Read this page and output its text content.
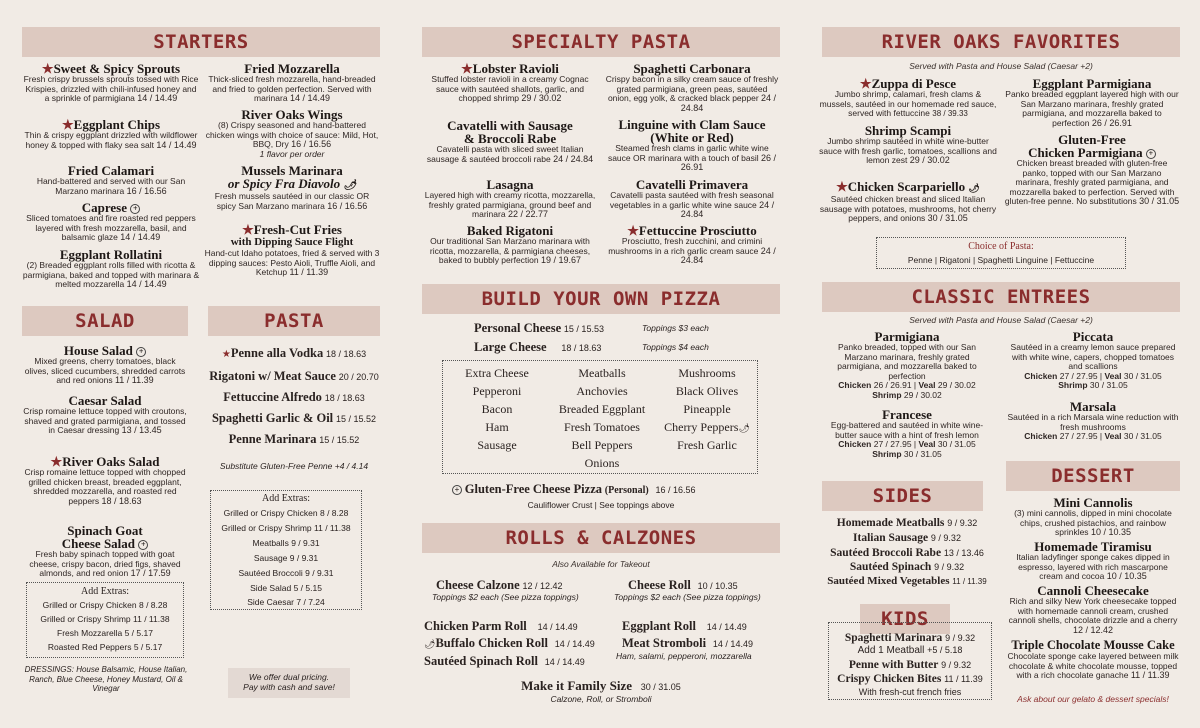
STARTERS	SPECIALTY PASTA	RIVER OAKS FAVORITES
SALAD	PASTA
BUILD YOUR OWN PIZZA	CLASSIC ENTREES
ROLLS & CALZONES
SIDES
DESSERT
KIDS
★Sweet & Spicy Sprouts
Fresh crispy brussels sprouts tossed with Rice Krispies, drizzled with chili-infused honey and a sprinkle of parmigiana 14 / 14.49
★Eggplant Chips
Thin & crispy eggplant drizzled with wildflower honey & topped with flaky sea salt 14 / 14.49
Fried Calamari
Hand-battered and served with our San Marzano marinara 16 / 16.56
Caprese +
Sliced tomatoes and fire roasted red peppers layered with fresh mozzarella, basil, and balsamic glaze 14 / 14.49
Eggplant Rollatini
(2) Breaded eggplant rolls filled with ricotta & parmigiana, baked and topped with marinara & melted mozzarella 14 / 14.49
Fried Mozzarella
Thick-sliced fresh mozzarella, hand-breaded and fried to golden perfection. Served with marinara 14 / 14.49
River Oaks Wings
(8) Crispy seasoned and hand-battered chicken wings with choice of sauce: Mild, Hot, BBQ, Dry 16 / 16.56
1 flavor per order
Mussels Marinara
or Spicy Fra Diavolo 🌶
Fresh mussels sautéed in our classic OR spicy San Marzano marinara 16 / 16.56
★Fresh-Cut Fries
with Dipping Sauce Flight
Hand-cut Idaho potatoes, fried & served with 3 dipping sauces: Pesto Aioli, Truffle Aioli, and Ketchup 11 / 11.39
House Salad +
Mixed greens, cherry tomatoes, black olives, sliced cucumbers, shredded carrots and red onions 11 / 11.39
Caesar Salad
Crisp romaine lettuce topped with croutons, shaved and grated parmigiana, and tossed in Caesar dressing 13 / 13.45
★River Oaks Salad
Crisp romaine lettuce topped with chopped grilled chicken breast, breaded eggplant, shredded mozzarella, and roasted red peppers 18 / 18.63
Spinach Goat
Cheese Salad +
Fresh baby spinach topped with goat cheese, crispy bacon, dried figs, shaved almonds, and red onion 17 / 17.59
Add Extras:
Grilled or Crispy Chicken 8 / 8.28
Grilled or Crispy Shrimp 11 / 11.38
Fresh Mozzarella 5 / 5.17
Roasted Red Peppers 5 / 5.17
DRESSINGS: House Balsamic, House Italian, Ranch, Blue Cheese, Honey Mustard, Oil & Vinegar
★Penne alla Vodka 18 / 18.63
Rigatoni w/ Meat Sauce 20 / 20.70
Fettuccine Alfredo 18 / 18.63
Spaghetti Garlic & Oil 15 / 15.52
Penne Marinara 15 / 15.52
Substitute Gluten-Free Penne +4 / 4.14
Add Extras:
Grilled or Crispy Chicken 8 / 8.28
Grilled or Crispy Shrimp 11 / 11.38
Meatballs 9 / 9.31
Sausage 9 / 9.31
Sautéed Broccoli 9 / 9.31
Side Salad 5 / 5.15
Side Caesar 7 / 7.24
We offer dual pricing.
Pay with cash and save!
★Lobster Ravioli
Stuffed lobster ravioli in a creamy Cognac sauce with sautéed shallots, garlic, and chopped shrimp 29 / 30.02
Cavatelli with Sausage
& Broccoli Rabe
Cavatelli pasta with sliced sweet Italian sausage & sautéed broccoli rabe 24 / 24.84
Lasagna
Layered high with creamy ricotta, mozzarella, freshly grated parmigiana, ground beef and marinara 22 / 22.77
Baked Rigatoni
Our traditional San Marzano marinara with ricotta, mozzarella, & parmigiana cheeses, baked to bubbly perfection 19 / 19.67
Spaghetti Carbonara
Crispy bacon in a silky cream sauce of freshly grated parmigiana, green peas, sautéed onion, egg yolk, & cracked black pepper 24 / 24.84
Linguine with Clam Sauce
(White or Red)
Steamed fresh clams in garlic white wine sauce OR marinara with a touch of basil 26 / 26.91
Cavatelli Primavera
Cavatelli pasta sautéed with fresh seasonal vegetables in a garlic white wine sauce 24 / 24.84
★Fettuccine Prosciutto
Prosciutto, fresh zucchini, and crimini mushrooms in a rich garlic cream sauce 24 / 24.84
Personal Cheese 15 / 15.53	Toppings $3 each
Large Cheese 18 / 18.63	Toppings $4 each
Extra Cheese	Meatballs	Mushrooms
Pepperoni	Anchovies	Black Olives
Bacon	Breaded Eggplant	Pineapple
Ham	Fresh Tomatoes	Cherry Peppers🌶
Sausage	Bell Peppers	Fresh Garlic
Onions
+ Gluten-Free Cheese Pizza (Personal) 16 / 16.56
Cauliflower Crust | See toppings above
Also Available for Takeout
Cheese Calzone 12 / 12.42
Toppings $2 each (See pizza toppings)
Cheese Roll 10 / 10.35
Toppings $2 each (See pizza toppings)
Chicken Parm Roll 14 / 14.49
🌶Buffalo Chicken Roll 14 / 14.49
Sautéed Spinach Roll 14 / 14.49
Eggplant Roll 14 / 14.49
Meat Stromboli 14 / 14.49
Ham, salami, pepperoni, mozzarella
Make it Family Size 30 / 31.05
Calzone, Roll, or Stromboli
Served with Pasta and House Salad (Caesar +2)
★Zuppa di Pesce
Jumbo shrimp, calamari, fresh clams & mussels, sautéed in our homemade red sauce, served with fettuccine 38 / 39.33
Shrimp Scampi
Jumbo shrimp sautéed in white wine-butter sauce with fresh garlic, tomatoes, scallions and lemon zest 29 / 30.02
★Chicken Scarpariello 🌶
Sautéed chicken breast and sliced Italian sausage with potatoes, mushrooms, hot cherry peppers, and onions 30 / 31.05
Eggplant Parmigiana
Panko breaded eggplant layered high with our San Marzano marinara, freshly grated parmigiana, and mozzarella baked to perfection 26 / 26.91
Gluten-Free
Chicken Parmigiana +
Chicken breast breaded with gluten-free panko, topped with our San Marzano marinara, freshly grated parmigiana, and mozzarella baked to perfection. Served with gluten-free penne. No substitutions 30 / 31.05
Choice of Pasta:
Penne | Rigatoni | Spaghetti Linguine | Fettuccine
Served with Pasta and House Salad (Caesar +2)
Parmigiana
Panko breaded, topped with our San Marzano marinara, freshly grated parmigiana, and mozzarella baked to perfection
Chicken 26 / 26.91 | Veal 29 / 30.02
Shrimp 29 / 30.02
Francese
Egg-battered and sautéed in white wine-butter sauce with a hint of fresh lemon
Chicken 27 / 27.95 | Veal 30 / 31.05
Shrimp 30 / 31.05
Piccata
Sautéed in a creamy lemon sauce prepared with white wine, capers, chopped tomatoes and scallions
Chicken 27 / 27.95 | Veal 30 / 31.05
Shrimp 30 / 31.05
Marsala
Sautéed in a rich Marsala wine reduction with fresh mushrooms
Chicken 27 / 27.95 | Veal 30 / 31.05
Homemade Meatballs 9 / 9.32
Italian Sausage 9 / 9.32
Sautéed Broccoli Rabe 13 / 13.46
Sautéed Spinach 9 / 9.32
Sautéed Mixed Vegetables 11 / 11.39
Spaghetti Marinara 9 / 9.32
Add 1 Meatball +5 / 5.18
Penne with Butter 9 / 9.32
Crispy Chicken Bites 11 / 11.39
With fresh-cut french fries
Mini Cannolis
(3) mini cannolis, dipped in mini chocolate chips, crushed pistachios, and rainbow sprinkles 10 / 10.35
Homemade Tiramisu
Italian ladyfinger sponge cakes dipped in espresso, layered with rich mascarpone cream and cocoa 10 / 10.35
Cannoli Cheesecake
Rich and silky New York cheesecake topped with homemade cannoli cream, crushed cannoli shells, chocolate drizzle and a cherry 12 / 12.42
Triple Chocolate Mousse Cake
Chocolate sponge cake layered between milk chocolate & white chocolate mousse, topped with a rich chocolate ganache 11 / 11.39
Ask about our gelato & dessert specials!
